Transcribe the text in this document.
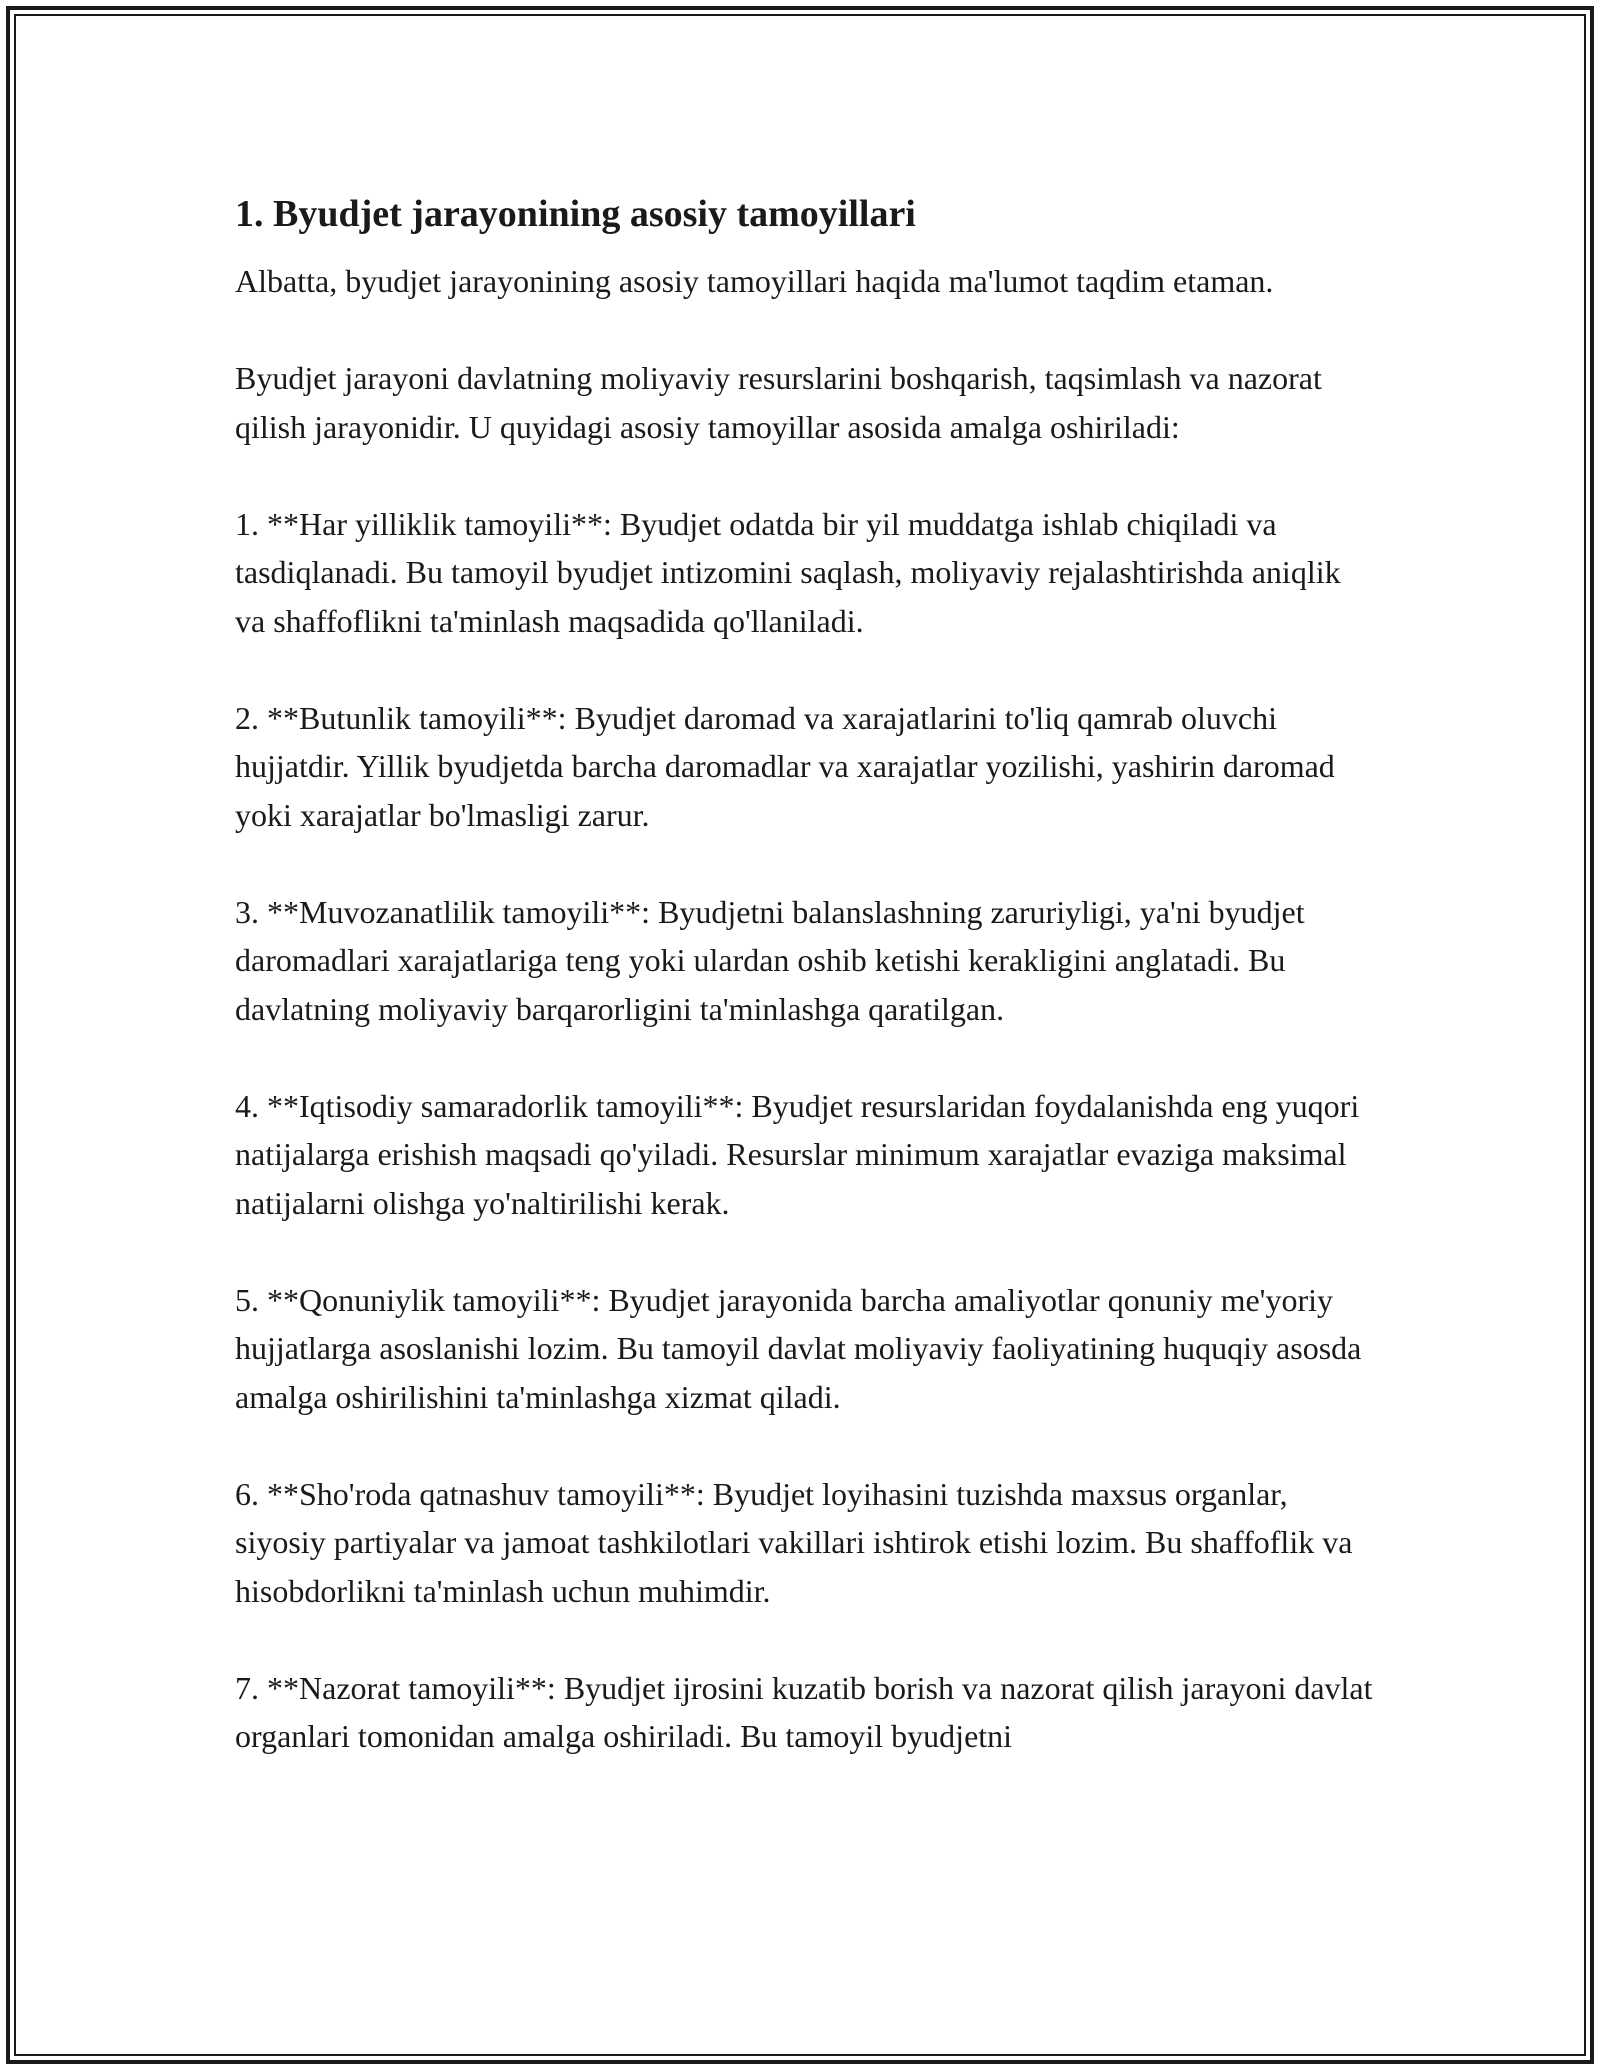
1. Byudjet jarayonining asosiy tamoyillari

Albatta, byudjet jarayonining asosiy tamoyillari haqida ma'lumot taqdim etaman.

Byudjet jarayoni davlatning moliyaviy resurslarini boshqarish, taqsimlash va nazorat qilish jarayonidir. U quyidagi asosiy tamoyillar asosida amalga oshiriladi:

1. **Har yilliklik tamoyili**: Byudjet odatda bir yil muddatga ishlab chiqiladi va tasdiqlanadi. Bu tamoyil byudjet intizomini saqlash, moliyaviy rejalashtirishda aniqlik va shaffoflikni ta'minlash maqsadida qo'llaniladi.

2. **Butunlik tamoyili**: Byudjet daromad va xarajatlarini to'liq qamrab oluvchi hujjatdir. Yillik byudjetda barcha daromadlar va xarajatlar yozilishi, yashirin daromad yoki xarajatlar bo'lmasligi zarur.

3. **Muvozanatlilik tamoyili**: Byudjetni balanslashning zaruriyligi, ya'ni byudjet daromadlari xarajatlariga teng yoki ulardan oshib ketishi kerakligini anglatadi. Bu davlatning moliyaviy barqarorligini ta'minlashga qaratilgan.

4. **Iqtisodiy samaradorlik tamoyili**: Byudjet resurslaridan foydalanishda eng yuqori natijalarga erishish maqsadi qo'yiladi. Resurslar minimum xarajatlar evaziga maksimal natijalarni olishga yo'naltirilishi kerak.

5. **Qonuniylik tamoyili**: Byudjet jarayonida barcha amaliyotlar qonuniy me'yoriy hujjatlarga asoslanishi lozim. Bu tamoyil davlat moliyaviy faoliyatining huquqiy asosda amalga oshirilishini ta'minlashga xizmat qiladi.

6. **Sho'roda qatnashuv tamoyili**: Byudjet loyihasini tuzishda maxsus organlar, siyosiy partiyalar va jamoat tashkilotlari vakillari ishtirok etishi lozim. Bu shaffoflik va hisobdorlikni ta'minlash uchun muhimdir.

7. **Nazorat tamoyili**: Byudjet ijrosini kuzatib borish va nazorat qilish jarayoni davlat organlari tomonidan amalga oshiriladi. Bu tamoyil byudjetni
